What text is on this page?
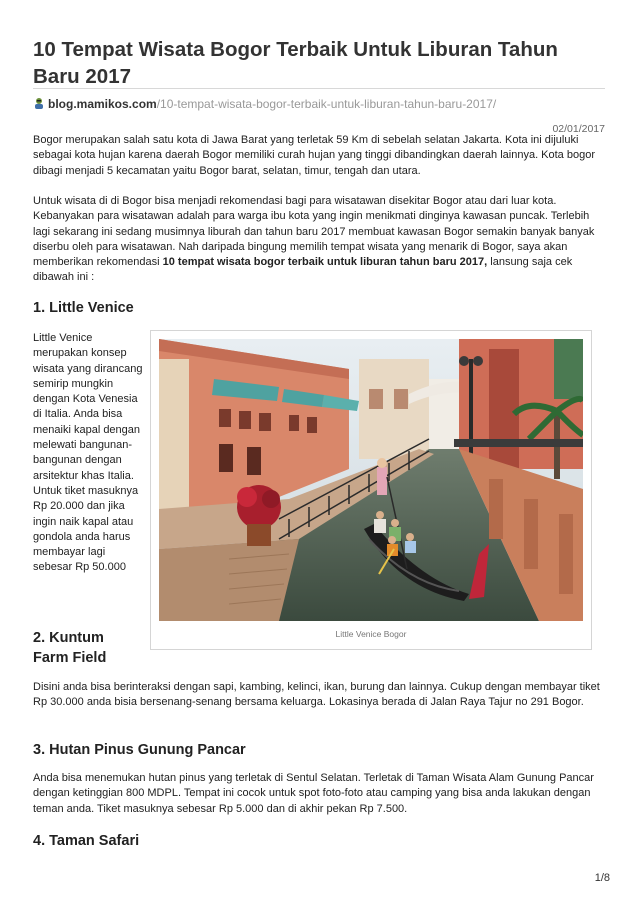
10 Tempat Wisata Bogor Terbaik Untuk Liburan Tahun Baru 2017
blog.mamikos.com/10-tempat-wisata-bogor-terbaik-untuk-liburan-tahun-baru-2017/
02/01/2017

Bogor merupakan salah satu kota di Jawa Barat yang terletak 59 Km di sebelah selatan Jakarta. Kota ini dijuluki sebagai kota hujan karena daerah Bogor memiliki curah hujan yang tinggi dibandingkan daerah lainnya. Kota bogor dibagi menjadi 5 kecamatan yaitu Bogor barat, selatan, timur, tengah dan utara.

Untuk wisata di di Bogor bisa menjadi rekomendasi bagi para wisatawan disekitar Bogor atau dari luar kota. Kebanyakan para wisatawan adalah para warga ibu kota yang ingin menikmati dinginya kawasan puncak. Terlebih lagi sekarang ini sedang musimnya liburah dan tahun baru 2017 membuat kawasan Bogor semakin banyak banyak diserbu oleh para wisatawan. Nah daripada bingung memilih tempat wisata yang menarik di Bogor, saya akan memberikan rekomendasi 10 tempat wisata bogor terbaik untuk liburan tahun baru 2017, lansung saja cek dibawah ini :

1. Little Venice

Little Venice merupakan konsep wisata yang dirancang semirip mungkin dengan Kota Venesia di Italia. Anda bisa menaiki kapal dengan melewati bangunan-bangunan dengan arsitektur khas Italia. Untuk tiket masuknya Rp 20.000 dan jika ingin naik kapal atau gondola anda harus membayar lagi sebesar Rp 50.000

Little Venice Bogor
2. Kuntum Farm Field

Disini anda bisa berinteraksi dengan sapi, kambing, kelinci, ikan, burung dan lainnya. Cukup dengan membayar tiket Rp 30.000 anda bisia bersenang-senang bersama keluarga. Lokasinya berada di Jalan Raya Tajur no 291 Bogor.

3. Hutan Pinus Gunung Pancar

Anda bisa menemukan hutan pinus yang terletak di Sentul Selatan. Terletak di Taman Wisata Alam Gunung Pancar dengan ketinggian 800 MDPL. Tempat ini cocok untuk spot foto-foto atau camping yang bisa anda lakukan dengan teman anda. Tiket masuknya sebesar Rp 5.000 dan di akhir pekan Rp 7.500.

4. Taman Safari
1/8
